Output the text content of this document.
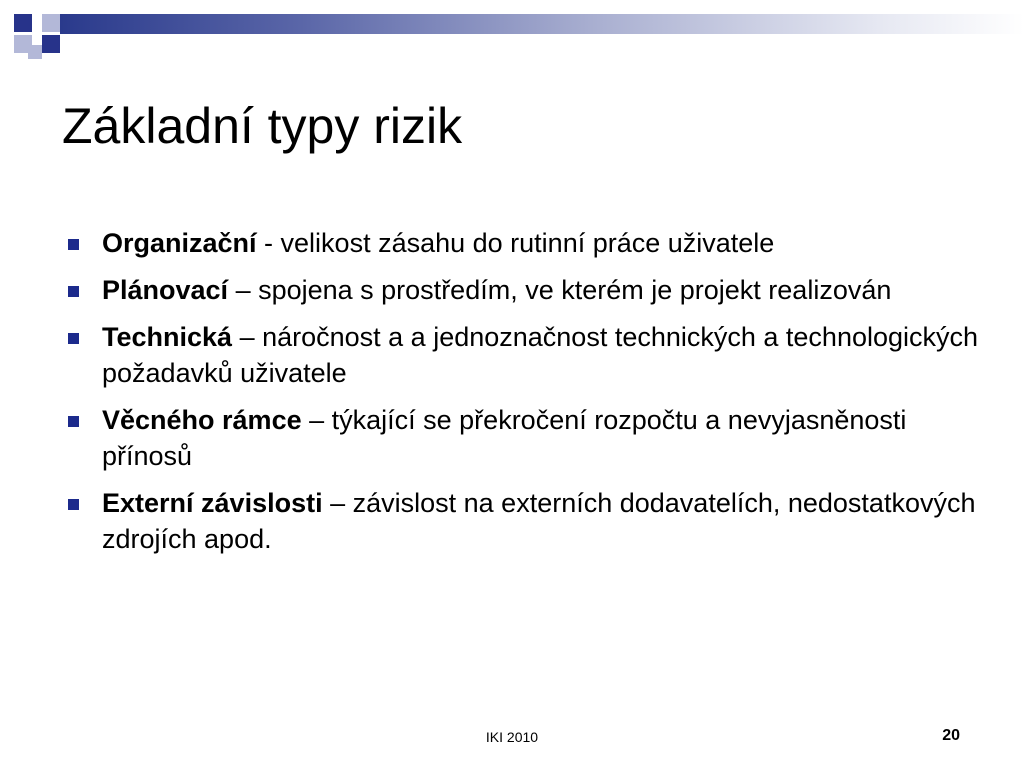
Základní typy rizik
Organizační - velikost zásahu do rutinní práce uživatele
Plánovací – spojena s prostředím, ve kterém je projekt realizován
Technická – náročnost a a jednoznačnost technických a technologických požadavků uživatele
Věcného rámce – týkající se překročení rozpočtu a nevyjasněnosti přínosů
Externí závislosti – závislost na externích dodavatelích, nedostatkových zdrojích apod.
IKI 2010	20
